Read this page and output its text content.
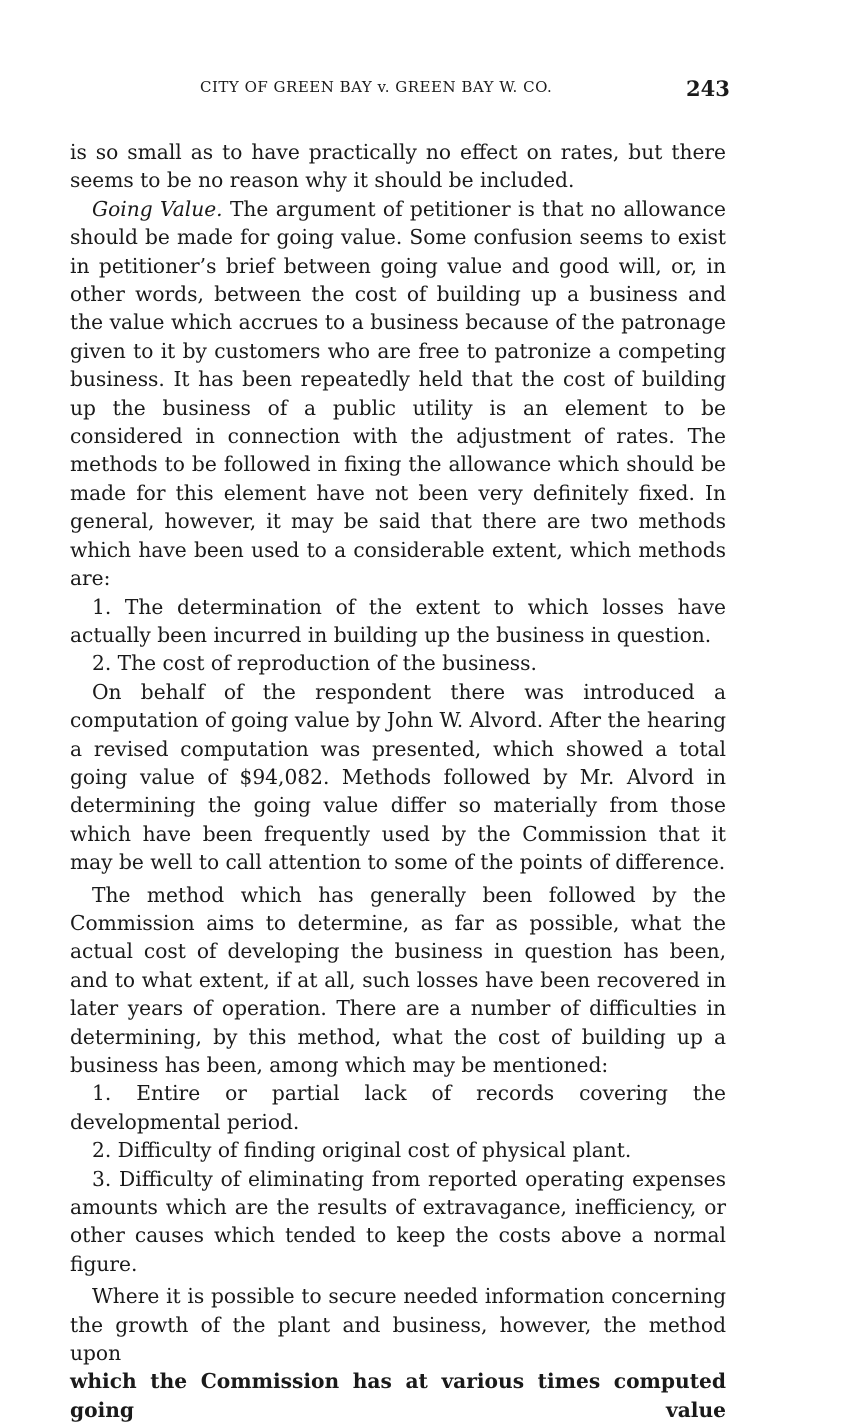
CITY OF GREEN BAY v. GREEN BAY W. CO.	243

is so small as to have practically no effect on rates, but there seems to be no reason why it should be included.

Going Value. The argument of petitioner is that no allowance should be made for going value. Some confusion seems to exist in petitioner’s brief between going value and good will, or, in other words, between the cost of building up a business and the value which accrues to a business because of the patronage given to it by customers who are free to patronize a competing business. It has been repeatedly held that the cost of building up the business of a public utility is an element to be considered in connection with the adjustment of rates. The methods to be followed in fixing the allowance which should be made for this element have not been very definitely fixed. In general, however, it may be said that there are two methods which have been used to a considerable extent, which methods are:

1. The determination of the extent to which losses have actually been incurred in building up the business in question.

2. The cost of reproduction of the business.

On behalf of the respondent there was introduced a computation of going value by John W. Alvord. After the hearing a revised computation was presented, which showed a total going value of $94,082. Methods followed by Mr. Alvord in determining the going value differ so materially from those which have been frequently used by the Commission that it may be well to call attention to some of the points of difference.

The method which has generally been followed by the Commission aims to determine, as far as possible, what the actual cost of developing the business in question has been, and to what extent, if at all, such losses have been recovered in later years of operation. There are a number of difficulties in determining, by this method, what the cost of building up a business has been, among which may be mentioned:

1. Entire or partial lack of records covering the developmental period.

2. Difficulty of finding original cost of physical plant.

3. Difficulty of eliminating from reported operating expenses amounts which are the results of extravagance, inefficiency, or other causes which tended to keep the costs above a normal figure.

Where it is possible to secure needed information concerning the growth of the plant and business, however, the method upon

which the Commission has at various times computed going value
